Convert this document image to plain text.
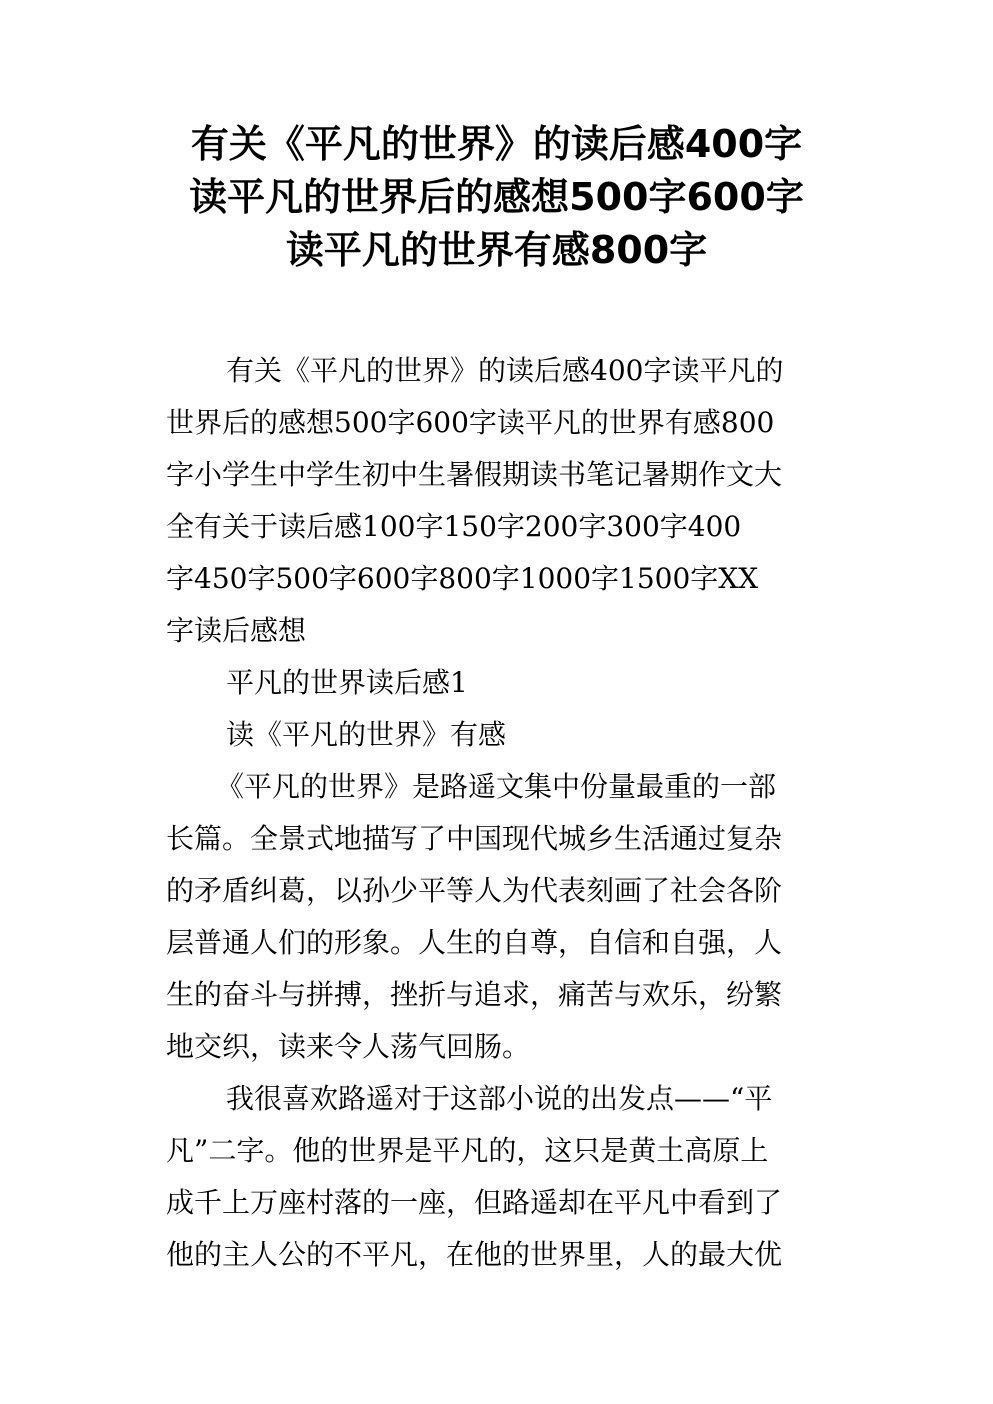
有关《平凡的世界》的读后感400字
读平凡的世界后的感想500字600字
读平凡的世界有感800字

有关《平凡的世界》的读后感400字读平凡的
世界后的感想500字600字读平凡的世界有感800
字小学生中学生初中生暑假期读书笔记暑期作文大
全有关于读后感100字150字200字300字400
字450字500字600字800字1000字1500字XX
字读后感想

平凡的世界读后感1

读《平凡的世界》有感

《平凡的世界》是路遥文集中份量最重的一部
长篇。全景式地描写了中国现代城乡生活通过复杂
的矛盾纠葛，以孙少平等人为代表刻画了社会各阶
层普通人们的形象。人生的自尊，自信和自强，人
生的奋斗与拼搏，挫折与追求，痛苦与欢乐，纷繁
地交织，读来令人荡气回肠。

我很喜欢路遥对于这部小说的出发点——“平
凡”二字。他的世界是平凡的，这只是黄土高原上
成千上万座村落的一座，但路遥却在平凡中看到了
他的主人公的不平凡，在他的世界里，人的最大优
